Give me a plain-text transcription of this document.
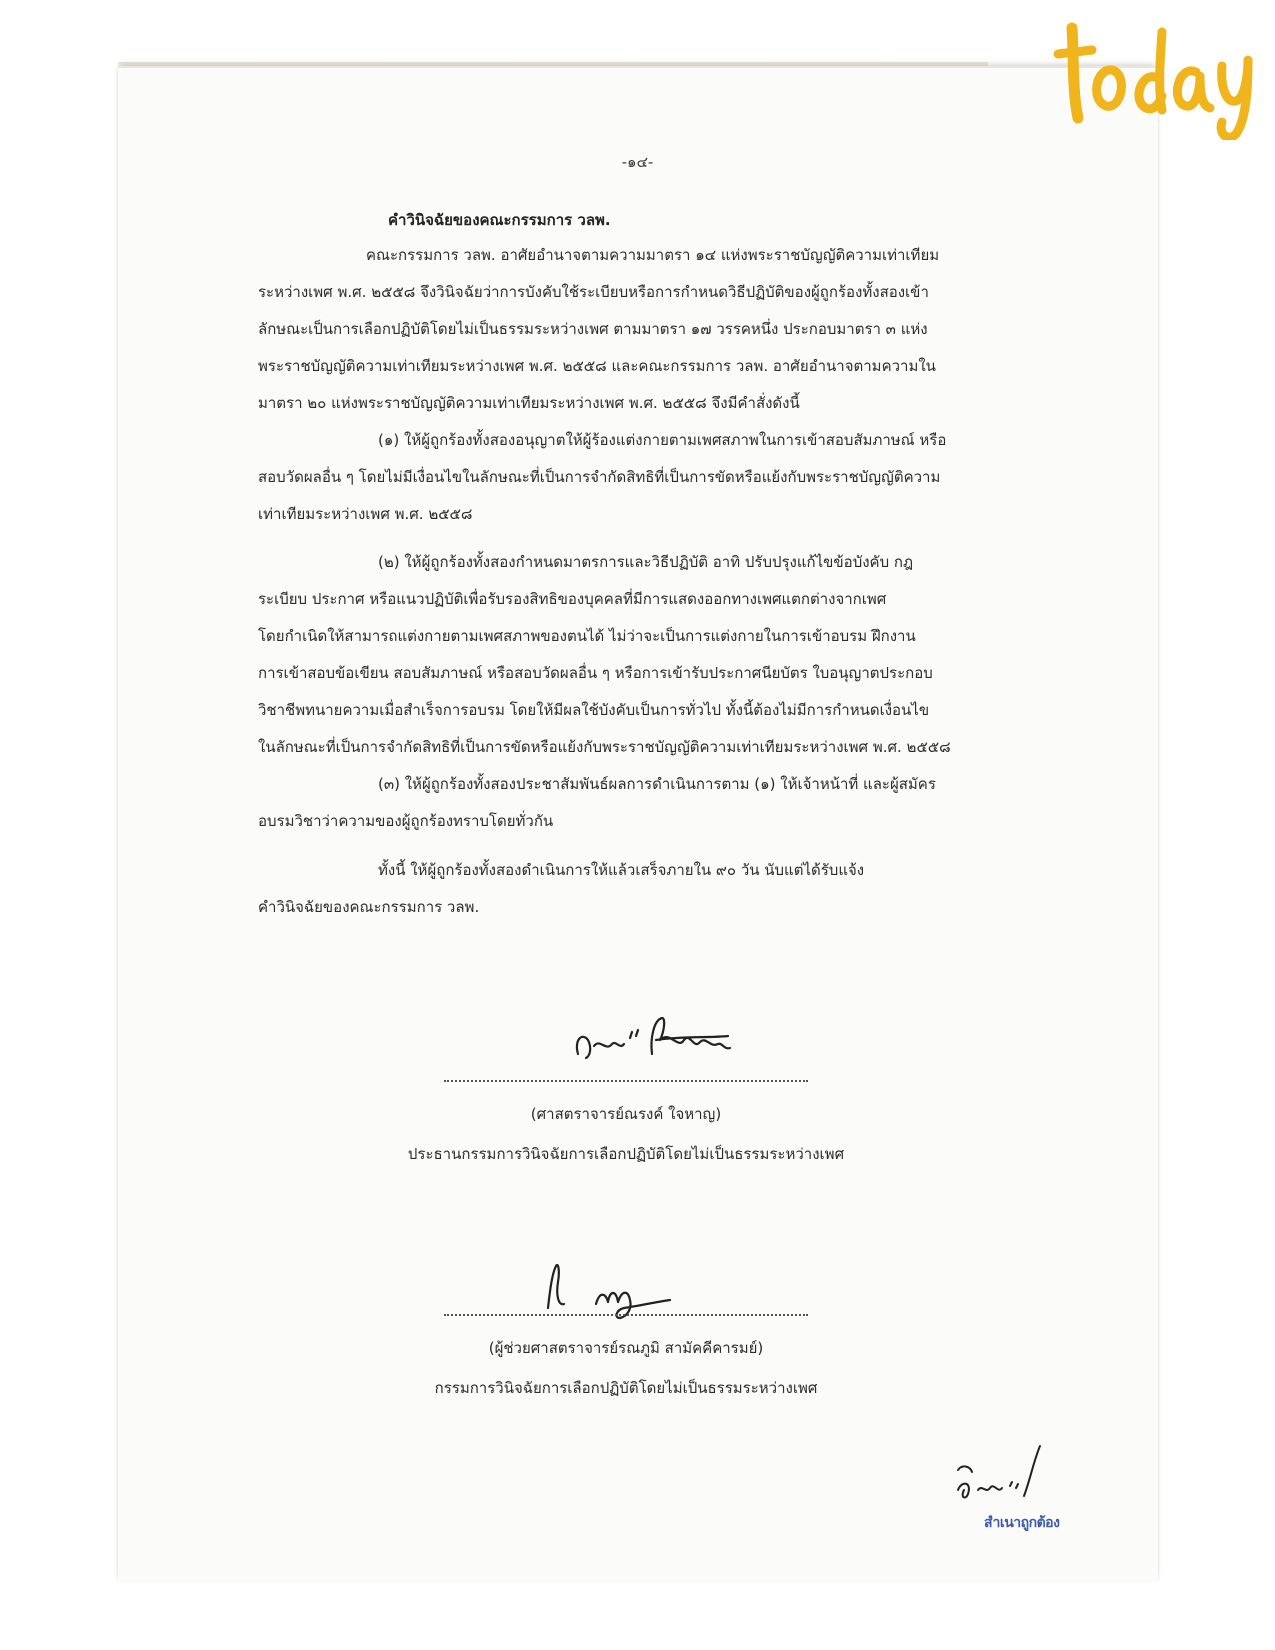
-๑๔-
คำวินิจฉัยของคณะกรรมการ วลพ.
คณะกรรมการ วลพ. อาศัยอำนาจตามความมาตรา ๑๔ แห่งพระราชบัญญัติความเท่าเทียม
ระหว่างเพศ พ.ศ. ๒๕๕๘ จึงวินิจฉัยว่าการบังคับใช้ระเบียบหรือการกำหนดวิธีปฏิบัติของผู้ถูกร้องทั้งสองเข้า
ลักษณะเป็นการเลือกปฏิบัติโดยไม่เป็นธรรมระหว่างเพศ ตามมาตรา ๑๗ วรรคหนึ่ง ประกอบมาตรา ๓ แห่ง
พระราชบัญญัติความเท่าเทียมระหว่างเพศ พ.ศ. ๒๕๕๘ และคณะกรรมการ วลพ. อาศัยอำนาจตามความใน
มาตรา ๒๐ แห่งพระราชบัญญัติความเท่าเทียมระหว่างเพศ พ.ศ. ๒๕๕๘ จึงมีคำสั่งดังนี้
(๑) ให้ผู้ถูกร้องทั้งสองอนุญาตให้ผู้ร้องแต่งกายตามเพศสภาพในการเข้าสอบสัมภาษณ์ หรือ
สอบวัดผลอื่น ๆ โดยไม่มีเงื่อนไขในลักษณะที่เป็นการจำกัดสิทธิที่เป็นการขัดหรือแย้งกับพระราชบัญญัติความ
เท่าเทียมระหว่างเพศ พ.ศ. ๒๕๕๘
(๒) ให้ผู้ถูกร้องทั้งสองกำหนดมาตรการและวิธีปฏิบัติ อาทิ ปรับปรุงแก้ไขข้อบังคับ กฎ
ระเบียบ ประกาศ หรือแนวปฏิบัติเพื่อรับรองสิทธิของบุคคลที่มีการแสดงออกทางเพศแตกต่างจากเพศ
โดยกำเนิดให้สามารถแต่งกายตามเพศสภาพของตนได้ ไม่ว่าจะเป็นการแต่งกายในการเข้าอบรม ฝึกงาน
การเข้าสอบข้อเขียน สอบสัมภาษณ์ หรือสอบวัดผลอื่น ๆ หรือการเข้ารับประกาศนียบัตร ใบอนุญาตประกอบ
วิชาชีพทนายความเมื่อสำเร็จการอบรม โดยให้มีผลใช้บังคับเป็นการทั่วไป ทั้งนี้ต้องไม่มีการกำหนดเงื่อนไข
ในลักษณะที่เป็นการจำกัดสิทธิที่เป็นการขัดหรือแย้งกับพระราชบัญญัติความเท่าเทียมระหว่างเพศ พ.ศ. ๒๕๕๘
(๓) ให้ผู้ถูกร้องทั้งสองประชาสัมพันธ์ผลการดำเนินการตาม (๑) ให้เจ้าหน้าที่ และผู้สมัคร
อบรมวิชาว่าความของผู้ถูกร้องทราบโดยทั่วกัน
ทั้งนี้ ให้ผู้ถูกร้องทั้งสองดำเนินการให้แล้วเสร็จภายใน ๙๐ วัน นับแต่ได้รับแจ้ง
คำวินิจฉัยของคณะกรรมการ วลพ.
(ศาสตราจารย์ณรงค์ ใจหาญ)
ประธานกรรมการวินิจฉัยการเลือกปฏิบัติโดยไม่เป็นธรรมระหว่างเพศ
(ผู้ช่วยศาสตราจารย์รณภูมิ สามัคคีคารมย์)
กรรมการวินิจฉัยการเลือกปฏิบัติโดยไม่เป็นธรรมระหว่างเพศ
สำเนาถูกต้อง
